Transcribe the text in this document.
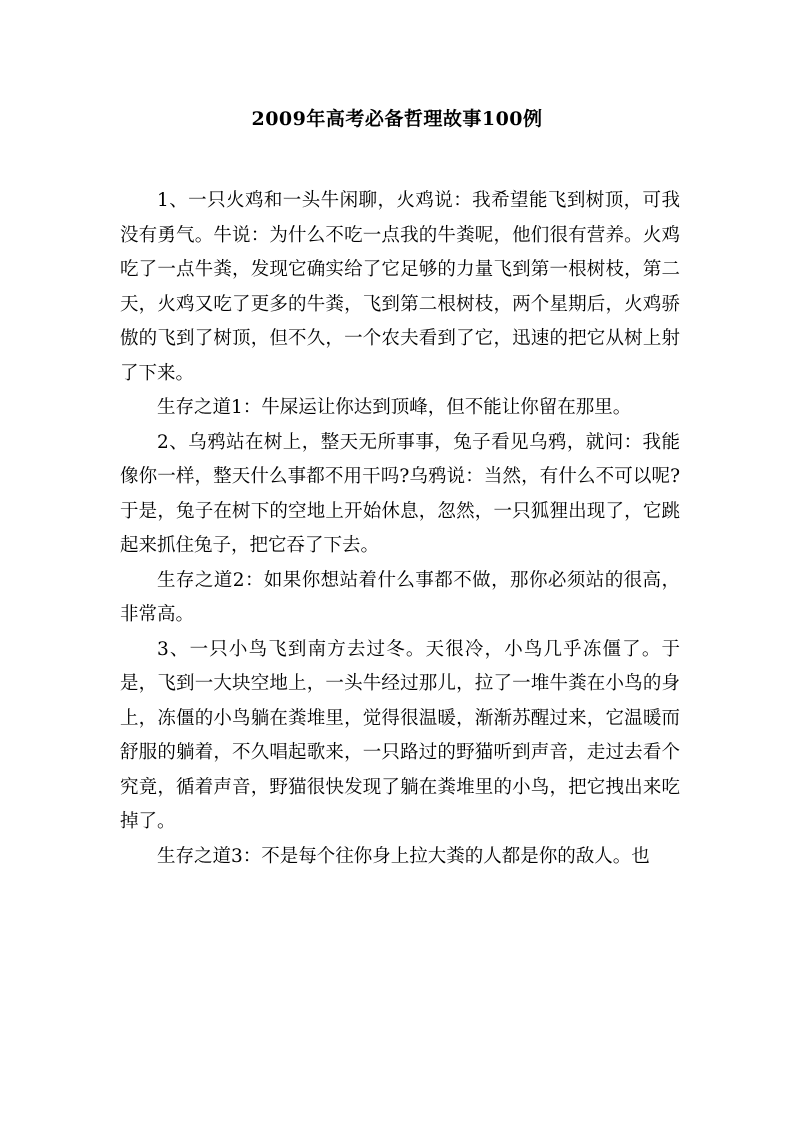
2009年高考必备哲理故事100例

1、一只火鸡和一头牛闲聊，火鸡说：我希望能飞到树顶，可我没有勇气。牛说：为什么不吃一点我的牛粪呢，他们很有营养。火鸡吃了一点牛粪，发现它确实给了它足够的力量飞到第一根树枝，第二天，火鸡又吃了更多的牛粪，飞到第二根树枝，两个星期后，火鸡骄傲的飞到了树顶，但不久，一个农夫看到了它，迅速的把它从树上射了下来。

生存之道1：牛屎运让你达到顶峰，但不能让你留在那里。

2、乌鸦站在树上，整天无所事事，兔子看见乌鸦，就问：我能像你一样，整天什么事都不用干吗?乌鸦说：当然，有什么不可以呢?于是，兔子在树下的空地上开始休息，忽然，一只狐狸出现了，它跳起来抓住兔子，把它吞了下去。

生存之道2：如果你想站着什么事都不做，那你必须站的很高，非常高。

3、一只小鸟飞到南方去过冬。天很冷，小鸟几乎冻僵了。于是，飞到一大块空地上，一头牛经过那儿，拉了一堆牛粪在小鸟的身上，冻僵的小鸟躺在粪堆里，觉得很温暖，渐渐苏醒过来，它温暖而舒服的躺着，不久唱起歌来，一只路过的野猫听到声音，走过去看个究竟，循着声音，野猫很快发现了躺在粪堆里的小鸟，把它拽出来吃掉了。

生存之道3：不是每个往你身上拉大粪的人都是你的敌人。也
